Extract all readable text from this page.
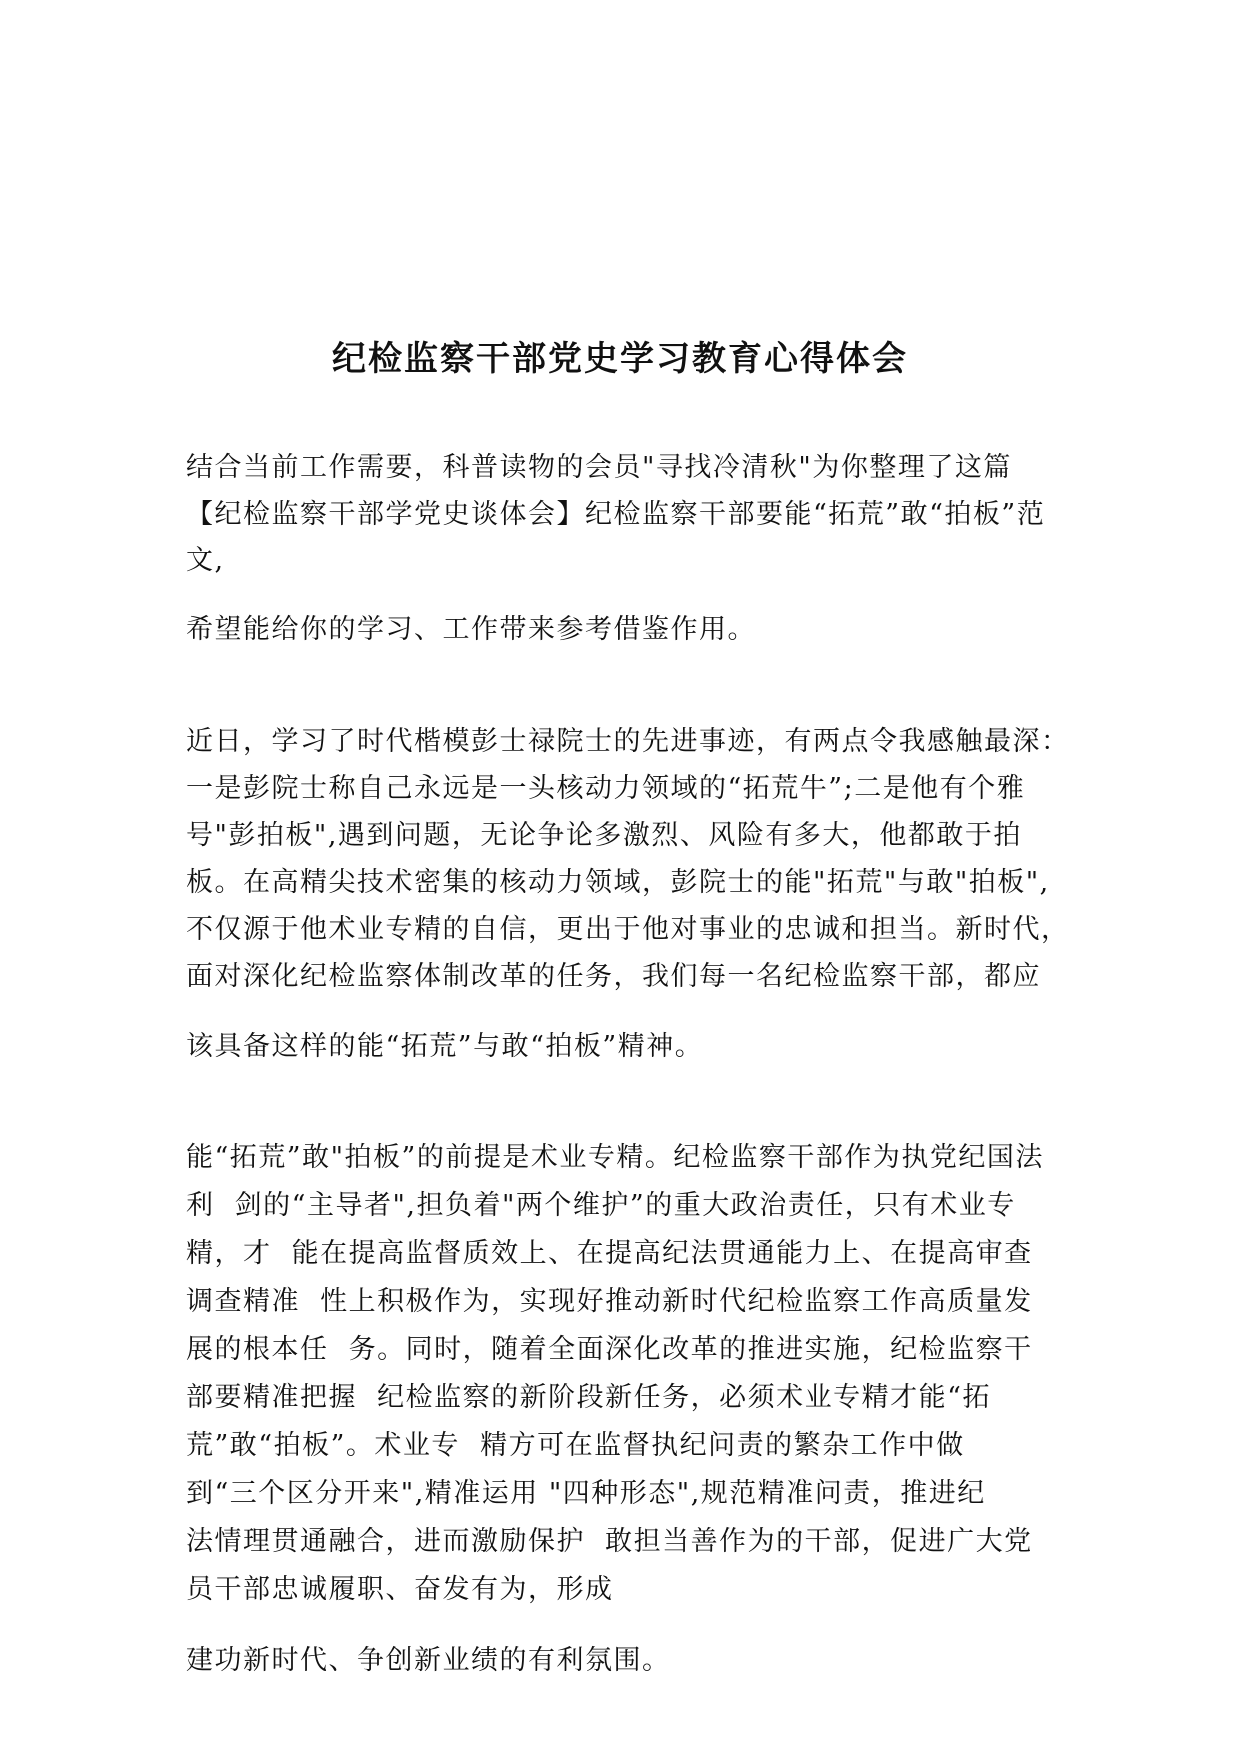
纪检监察干部党史学习教育心得体会
结合当前工作需要，科普读物的会员"寻找冷清秋"为你整理了这篇
【纪检监察干部学党史谈体会】纪检监察干部要能“拓荒”敢“拍板”范
文,
希望能给你的学习、工作带来参考借鉴作用。
近日，学习了时代楷模彭士禄院士的先进事迹，有两点令我感触最深：
一是彭院士称自己永远是一头核动力领域的“拓荒牛”;二是他有个雅
号"彭拍板",遇到问题，无论争论多激烈、风险有多大，他都敢于拍
板。在高精尖技术密集的核动力领域，彭院士的能"拓荒"与敢"拍板",
不仅源于他术业专精的自信，更出于他对事业的忠诚和担当。新时代，
面对深化纪检监察体制改革的任务，我们每一名纪检监察干部，都应
该具备这样的能“拓荒”与敢“拍板”精神。
能“拓荒”敢"拍板”的前提是术业专精。纪检监察干部作为执党纪国法
利  剑的“主导者",担负着"两个维护”的重大政治责任，只有术业专
精，才  能在提高监督质效上、在提高纪法贯通能力上、在提高审查
调查精准  性上积极作为，实现好推动新时代纪检监察工作高质量发
展的根本任  务。同时，随着全面深化改革的推进实施，纪检监察干
部要精准把握  纪检监察的新阶段新任务，必须术业专精才能“拓
荒”敢“拍板”。术业专  精方可在监督执纪问责的繁杂工作中做
到“三个区分开来",精准运用 "四种形态",规范精准问责，推进纪
法情理贯通融合，进而激励保护  敢担当善作为的干部，促进广大党
员干部忠诚履职、奋发有为，形成
建功新时代、争创新业绩的有利氛围。
